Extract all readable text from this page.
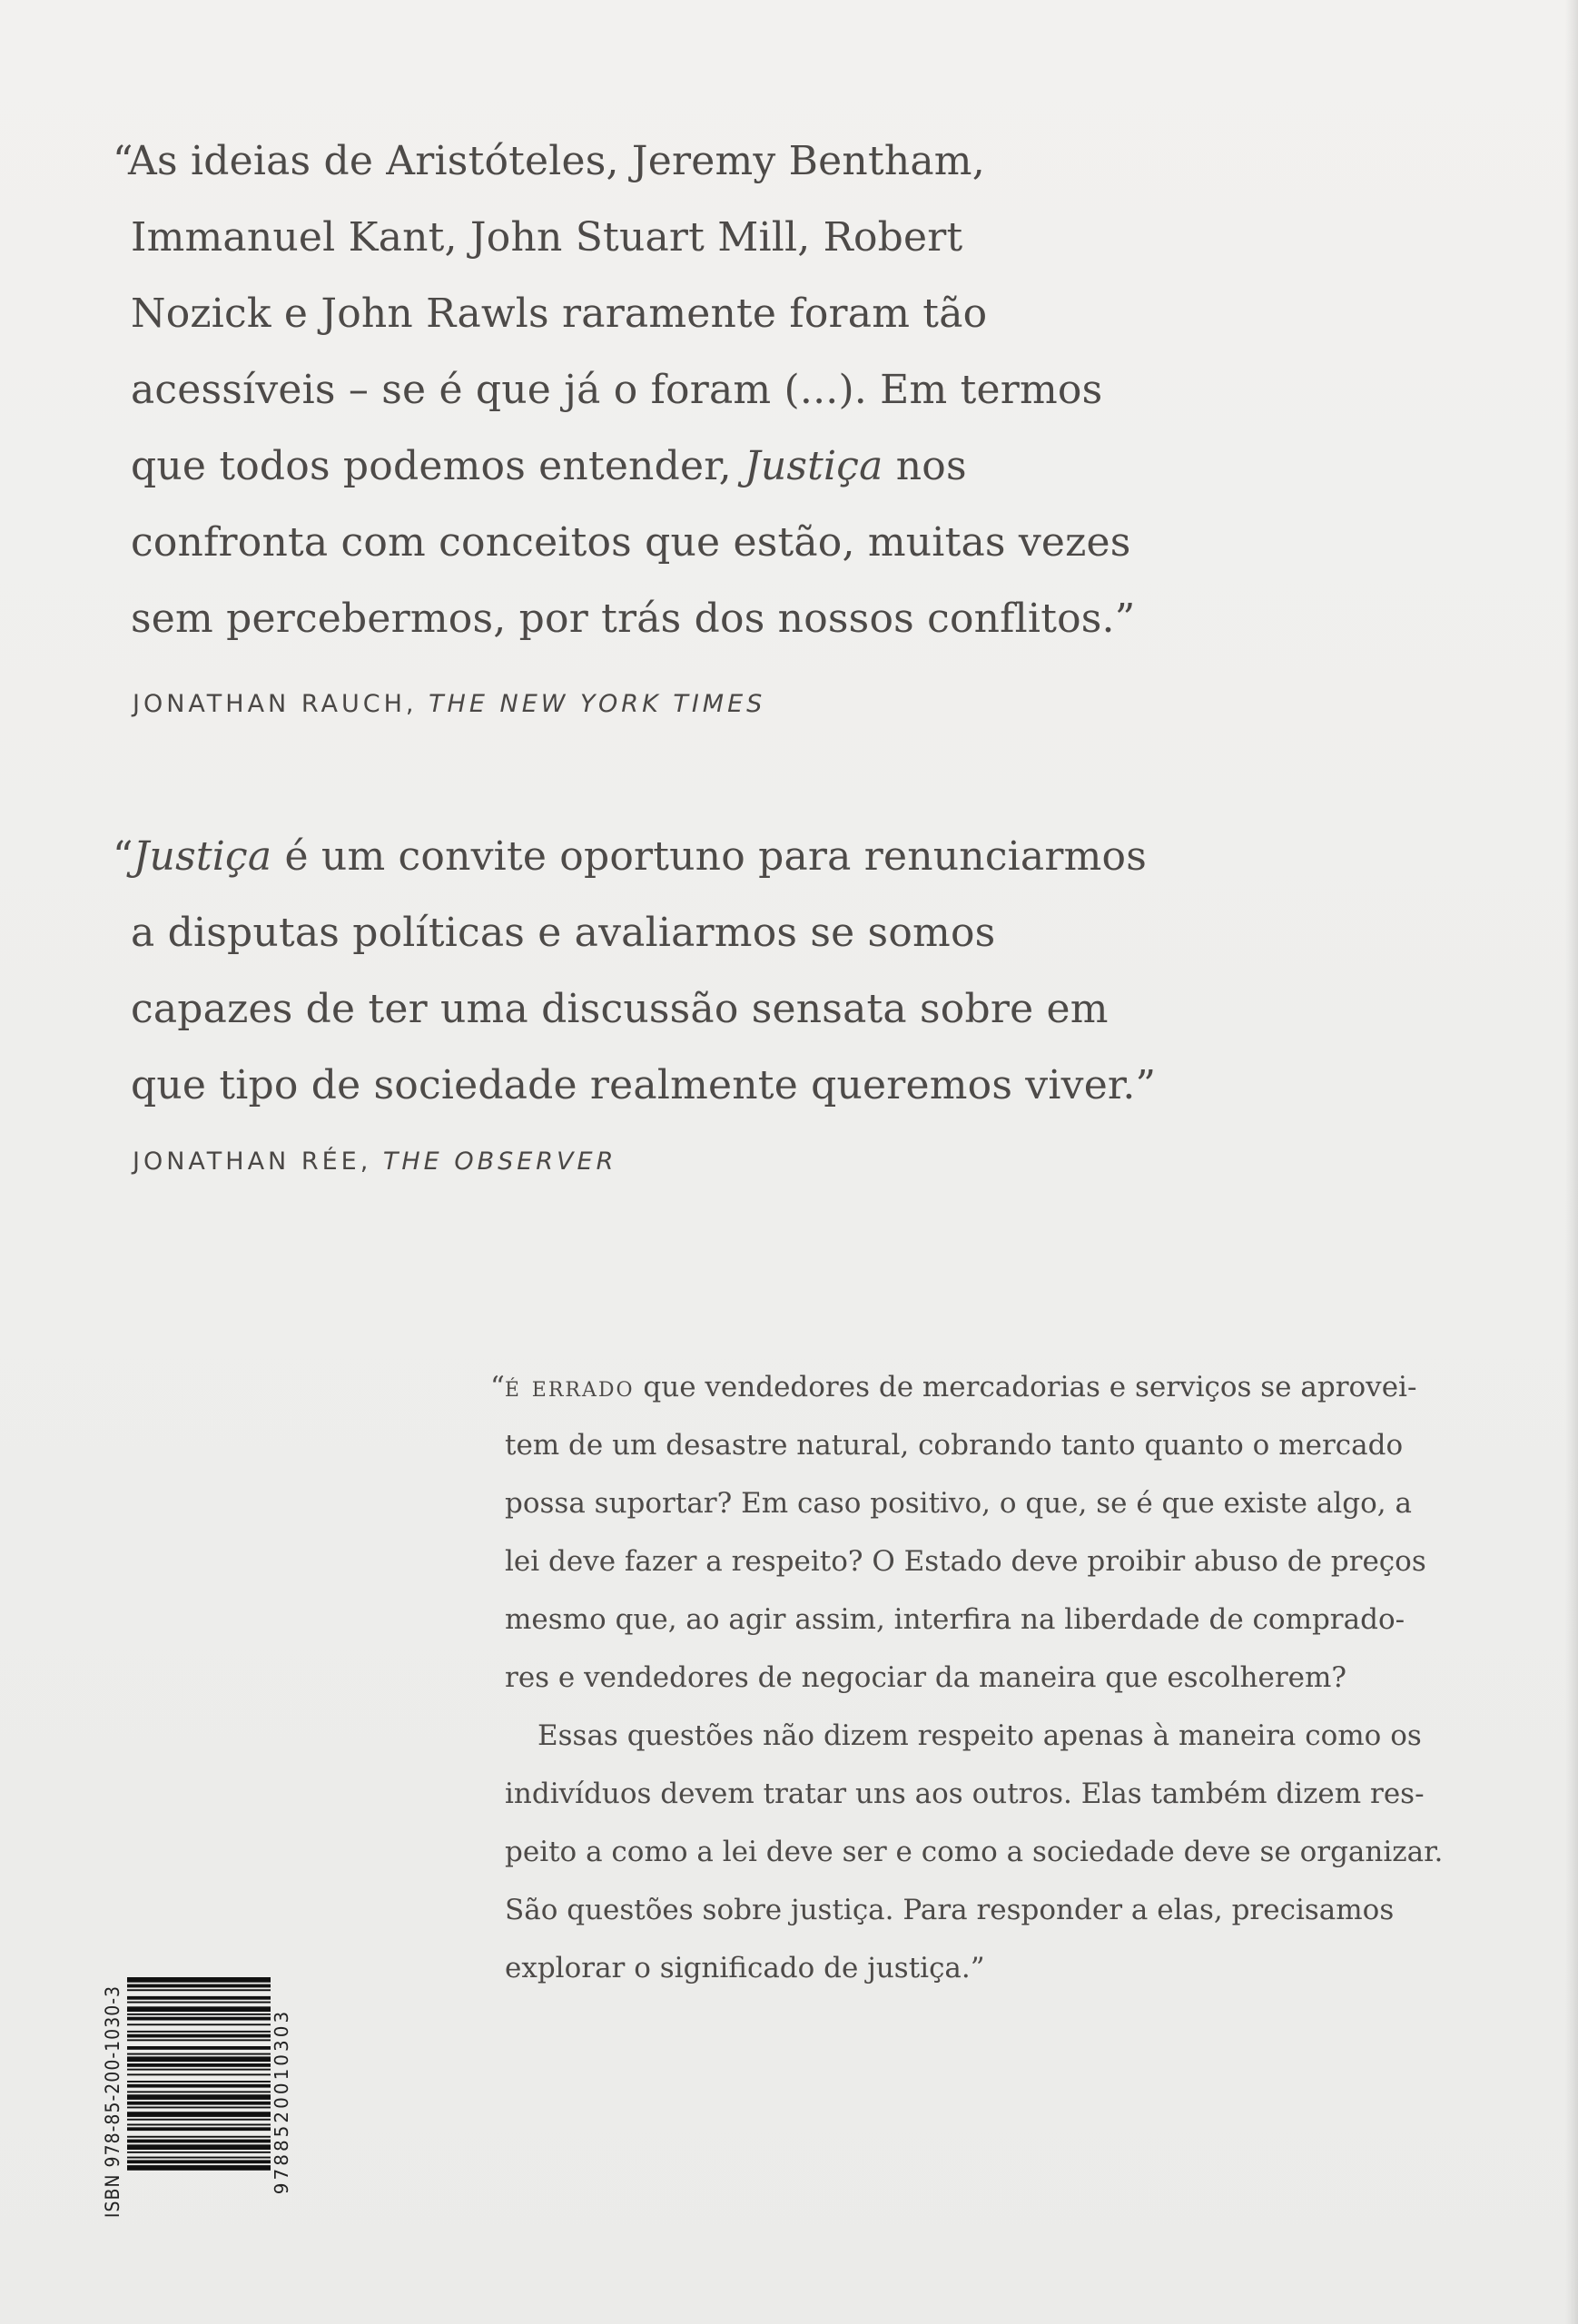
“As ideias de Aristóteles, Jeremy Bentham,
Immanuel Kant, John Stuart Mill, Robert
Nozick e John Rawls raramente foram tão
acessíveis – se é que já o foram (...). Em termos
que todos podemos entender, Justiça nos
confronta com conceitos que estão, muitas vezes
sem percebermos, por trás dos nossos conflitos.”
JONATHAN RAUCH, THE NEW YORK TIMES
“Justiça é um convite oportuno para renunciarmos
a disputas políticas e avaliarmos se somos
capazes de ter uma discussão sensata sobre em
que tipo de sociedade realmente queremos viver.”
JONATHAN RÉE, THE OBSERVER
“é errado que vendedores de mercadorias e serviços se aprovei-
tem de um desastre natural, cobrando tanto quanto o mercado
possa suportar? Em caso positivo, o que, se é que existe algo, a
lei deve fazer a respeito? O Estado deve proibir abuso de preços
mesmo que, ao agir assim, interfira na liberdade de comprado-
res e vendedores de negociar da maneira que escolherem?
Essas questões não dizem respeito apenas à maneira como os
indivíduos devem tratar uns aos outros. Elas também dizem res-
peito a como a lei deve ser e como a sociedade deve se organizar.
São questões sobre justiça. Para responder a elas, precisamos
explorar o significado de justiça.”
ISBN 978-85-200-1030-3	9788520010303
